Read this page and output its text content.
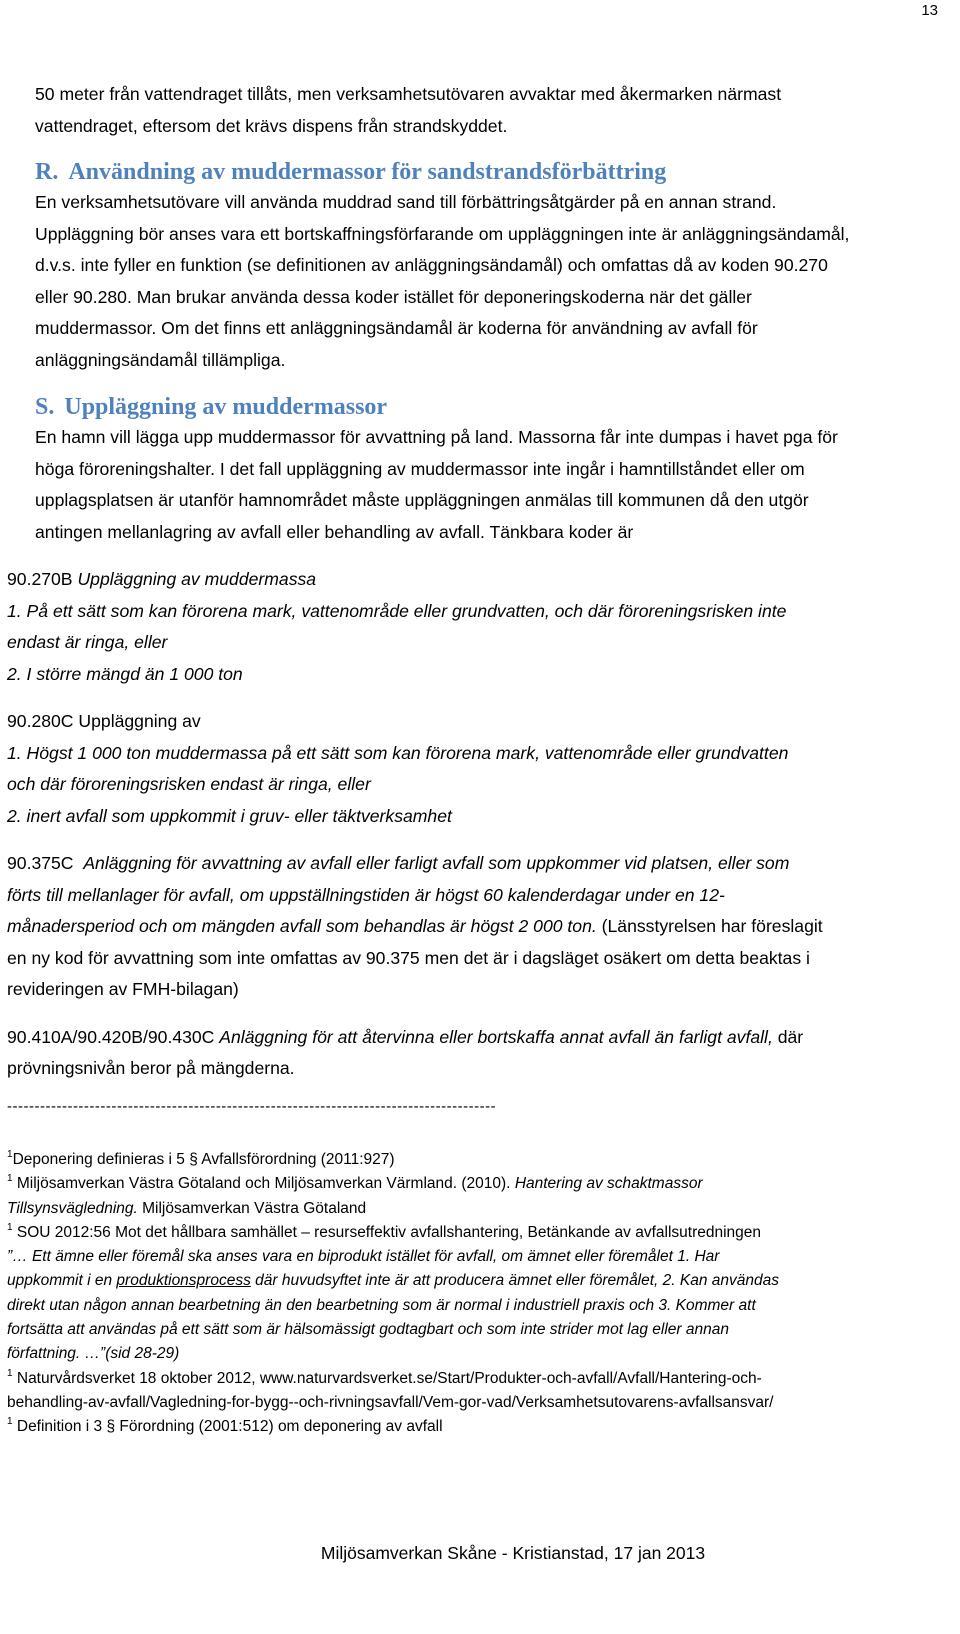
13
50 meter från vattendraget tillåts, men verksamhetsutövaren avvaktar med åkermarken närmast
vattendraget, eftersom det krävs dispens från strandskyddet.
R. Användning av muddermassor för sandstrandsförbättring
En verksamhetsutövare vill använda muddrad sand till förbättringsåtgärder på en annan strand.
Uppläggning bör anses vara ett bortskaffningsförfarande om uppläggningen inte är anläggningsändamål,
d.v.s. inte fyller en funktion (se definitionen av anläggningsändamål) och omfattas då av koden 90.270
eller 90.280. Man brukar använda dessa koder istället för deponeringskoderna när det gäller
muddermassor. Om det finns ett anläggningsändamål är koderna för användning av avfall för
anläggningsändamål tillämpliga.
S. Uppläggning av muddermassor
En hamn vill lägga upp muddermassor för avvattning på land. Massorna får inte dumpas i havet pga för
höga föroreningshalter. I det fall uppläggning av muddermassor inte ingår i hamntillståndet eller om
upplagsplatsen är utanför hamnområdet måste uppläggningen anmälas till kommunen då den utgör
antingen mellanlagring av avfall eller behandling av avfall. Tänkbara koder är
90.270B Uppläggning av muddermassa
1. På ett sätt som kan förorena mark, vattenområde eller grundvatten, och där föroreningsrisken inte
endast är ringa, eller
2. I större mängd än 1 000 ton
90.280C Uppläggning av
1. Högst 1 000 ton muddermassa på ett sätt som kan förorena mark, vattenområde eller grundvatten
och där föroreningsrisken endast är ringa, eller
2. inert avfall som uppkommit i gruv- eller täktverksamhet
90.375C Anläggning för avvattning av avfall eller farligt avfall som uppkommer vid platsen, eller som
förts till mellanlager för avfall, om uppställningstiden är högst 60 kalenderdagar under en 12-
månadersperiod och om mängden avfall som behandlas är högst 2 000 ton. (Länsstyrelsen har föreslagit
en ny kod för avvattning som inte omfattas av 90.375 men det är i dagsläget osäkert om detta beaktas i
revideringen av FMH-bilagan)
90.410A/90.420B/90.430C Anläggning för att återvinna eller bortskaffa annat avfall än farligt avfall, där
prövningsnivån beror på mängderna.
-----------------------------------------------------------------------------------------
$^1$Deponering definieras i 5 § Avfallsförordning (2011:927)
$^1$ Miljösamverkan Västra Götaland och Miljösamverkan Värmland. (2010). Hantering av schaktmassor
Tillsynsvägledning. Miljösamverkan Västra Götaland
$^1$ SOU 2012:56 Mot det hållbara samhället – resurseffektiv avfallshantering, Betänkande av avfallsutredningen
”… Ett ämne eller föremål ska anses vara en biprodukt istället för avfall, om ämnet eller föremålet 1. Har
uppkommit i en produktionsprocess där huvudsyftet inte är att producera ämnet eller föremålet, 2. Kan användas
direkt utan någon annan bearbetning än den bearbetning som är normal i industriell praxis och 3. Kommer att
fortsätta att användas på ett sätt som är hälsomässigt godtagbart och som inte strider mot lag eller annan
författning. …”(sid 28-29)
$^1$ Naturvårdsverket 18 oktober 2012, www.naturvardsverket.se/Start/Produkter-och-avfall/Avfall/Hantering-och-
behandling-av-avfall/Vagledning-for-bygg--och-rivningsavfall/Vem-gor-vad/Verksamhetsutovarens-avfallsansvar/
$^1$ Definition i 3 § Förordning (2001:512) om deponering av avfall
Miljösamverkan Skåne - Kristianstad, 17 jan 2013
